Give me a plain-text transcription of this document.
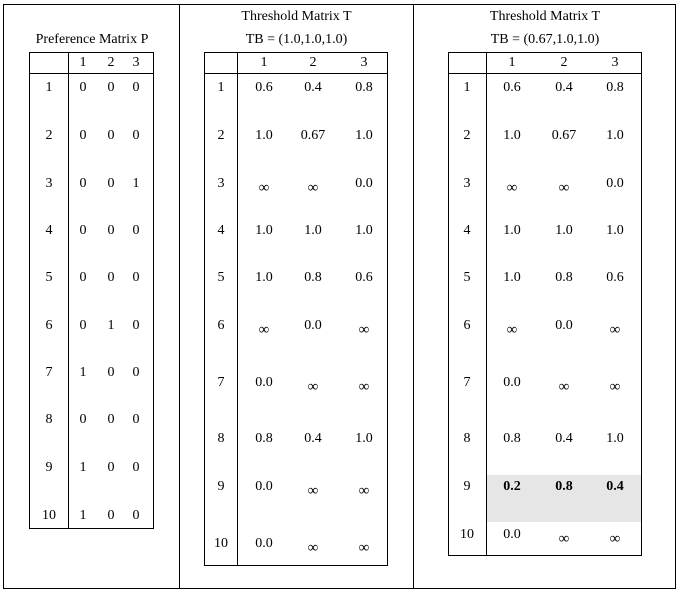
Preference Matrix P
1	2	3
1	0	0	0
2	0	0	0
3	0	0	1
4	0	0	0
5	0	0	0
6	0	1	0
7	1	0	0
8	0	0	0
9	1	0	0
10	1	0	0
Threshold Matrix T
TB = (1.0,1.0,1.0)
1	2	3
1	0.6	0.4	0.8
2	1.0	0.67	1.0
3	∞	∞	0.0
4	1.0	1.0	1.0
5	1.0	0.8	0.6
6	∞	0.0	∞
7	0.0	∞	∞
8	0.8	0.4	1.0
9	0.0	∞	∞
10	0.0	∞	∞
Threshold Matrix T
TB = (0.67,1.0,1.0)
1	2	3
1	0.6	0.4	0.8
2	1.0	0.67	1.0
3	∞	∞	0.0
4	1.0	1.0	1.0
5	1.0	0.8	0.6
6	∞	0.0	∞
7	0.0	∞	∞
8	0.8	0.4	1.0
9	0.2	0.8	0.4
10	0.0	∞	∞
